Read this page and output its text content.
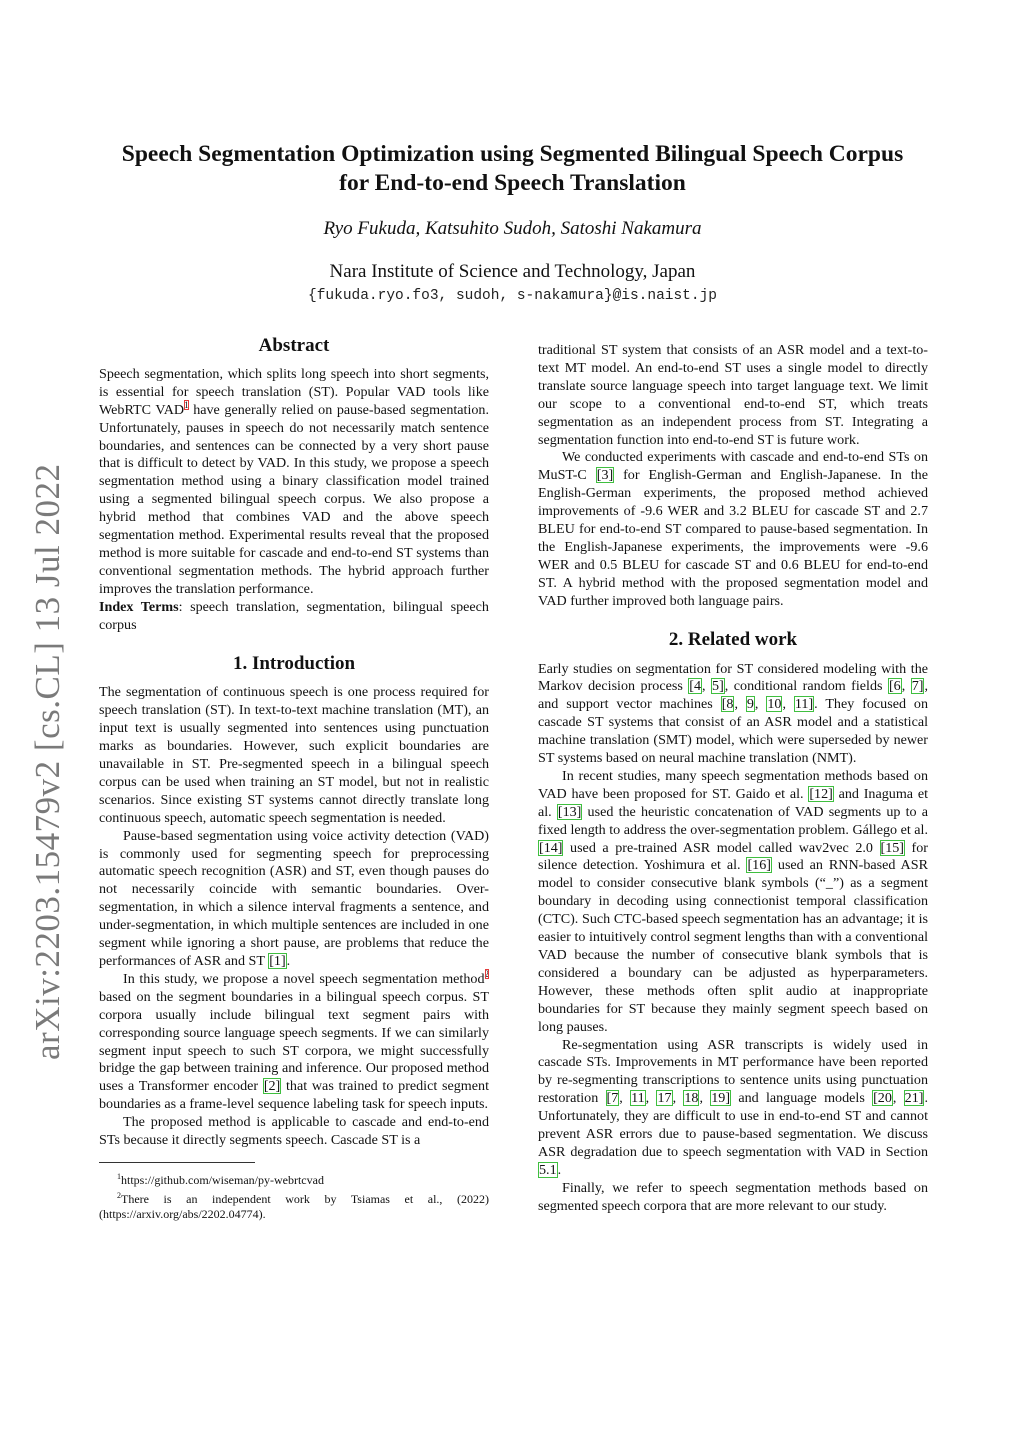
arXiv:2203.15479v2 [cs.CL] 13 Jul 2022
Speech Segmentation Optimization using Segmented Bilingual Speech Corpus
for End-to-end Speech Translation
Ryo Fukuda, Katsuhito Sudoh, Satoshi Nakamura
Nara Institute of Science and Technology, Japan
{fukuda.ryo.fo3, sudoh, s-nakamura}@is.naist.jp
Abstract

Speech segmentation, which splits long speech into short segments, is essential for speech translation (ST). Popular VAD tools like WebRTC VAD$^1$ have generally relied on pause-based segmentation. Unfortunately, pauses in speech do not necessarily match sentence boundaries, and sentences can be connected by a very short pause that is difficult to detect by VAD. In this study, we propose a speech segmentation method using a binary classification model trained using a segmented bilingual speech corpus. We also propose a hybrid method that combines VAD and the above speech segmentation method. Experimental results reveal that the proposed method is more suitable for cascade and end-to-end ST systems than conventional segmentation methods. The hybrid approach further improves the translation performance.

Index Terms: speech translation, segmentation, bilingual speech corpus

1. Introduction

The segmentation of continuous speech is one process required for speech translation (ST). In text-to-text machine translation (MT), an input text is usually segmented into sentences using punctuation marks as boundaries. However, such explicit boundaries are unavailable in ST. Pre-segmented speech in a bilingual speech corpus can be used when training an ST model, but not in realistic scenarios. Since existing ST systems cannot directly translate long continuous speech, automatic speech segmentation is needed.

Pause-based segmentation using voice activity detection (VAD) is commonly used for segmenting speech for preprocessing automatic speech recognition (ASR) and ST, even though pauses do not necessarily coincide with semantic boundaries. Over-segmentation, in which a silence interval fragments a sentence, and under-segmentation, in which multiple sentences are included in one segment while ignoring a short pause, are problems that reduce the performances of ASR and ST [1].

In this study, we propose a novel speech segmentation method$^2$ based on the segment boundaries in a bilingual speech corpus. ST corpora usually include bilingual text segment pairs with corresponding source language speech segments. If we can similarly segment input speech to such ST corpora, we might successfully bridge the gap between training and inference. Our proposed method uses a Transformer encoder [2] that was trained to predict segment boundaries as a frame-level sequence labeling task for speech inputs.

The proposed method is applicable to cascade and end-to-end STs because it directly segments speech. Cascade ST is a

$^1$https://github.com/wiseman/py-webrtcvad
$^2$There is an independent work by Tsiamas et al., (2022) (https://arxiv.org/abs/2202.04774).

traditional ST system that consists of an ASR model and a text-to-text MT model. An end-to-end ST uses a single model to directly translate source language speech into target language text. We limit our scope to a conventional end-to-end ST, which treats segmentation as an independent process from ST. Integrating a segmentation function into end-to-end ST is future work.

We conducted experiments with cascade and end-to-end STs on MuST-C [3] for English-German and English-Japanese. In the English-German experiments, the proposed method achieved improvements of -9.6 WER and 3.2 BLEU for cascade ST and 2.7 BLEU for end-to-end ST compared to pause-based segmentation. In the English-Japanese experiments, the improvements were -9.6 WER and 0.5 BLEU for cascade ST and 0.6 BLEU for end-to-end ST. A hybrid method with the proposed segmentation model and VAD further improved both language pairs.

2. Related work

Early studies on segmentation for ST considered modeling with the Markov decision process [4, 5], conditional random fields [6, 7], and support vector machines [8, 9, 10, 11]. They focused on cascade ST systems that consist of an ASR model and a statistical machine translation (SMT) model, which were superseded by newer ST systems based on neural machine translation (NMT).

In recent studies, many speech segmentation methods based on VAD have been proposed for ST. Gaido et al. [12] and Inaguma et al. [13] used the heuristic concatenation of VAD segments up to a fixed length to address the over-segmentation problem. Gállego et al. [14] used a pre-trained ASR model called wav2vec 2.0 [15] for silence detection. Yoshimura et al. [16] used an RNN-based ASR model to consider consecutive blank symbols (“_”) as a segment boundary in decoding using connectionist temporal classification (CTC). Such CTC-based speech segmentation has an advantage; it is easier to intuitively control segment lengths than with a conventional VAD because the number of consecutive blank symbols that is considered a boundary can be adjusted as hyperparameters. However, these methods often split audio at inappropriate boundaries for ST because they mainly segment speech based on long pauses.

Re-segmentation using ASR transcripts is widely used in cascade STs. Improvements in MT performance have been reported by re-segmenting transcriptions to sentence units using punctuation restoration [7, 11, 17, 18, 19] and language models [20, 21]. Unfortunately, they are difficult to use in end-to-end ST and cannot prevent ASR errors due to pause-based segmentation. We discuss ASR degradation due to speech segmentation with VAD in Section 5.1.

Finally, we refer to speech segmentation methods based on segmented speech corpora that are more relevant to our study.
